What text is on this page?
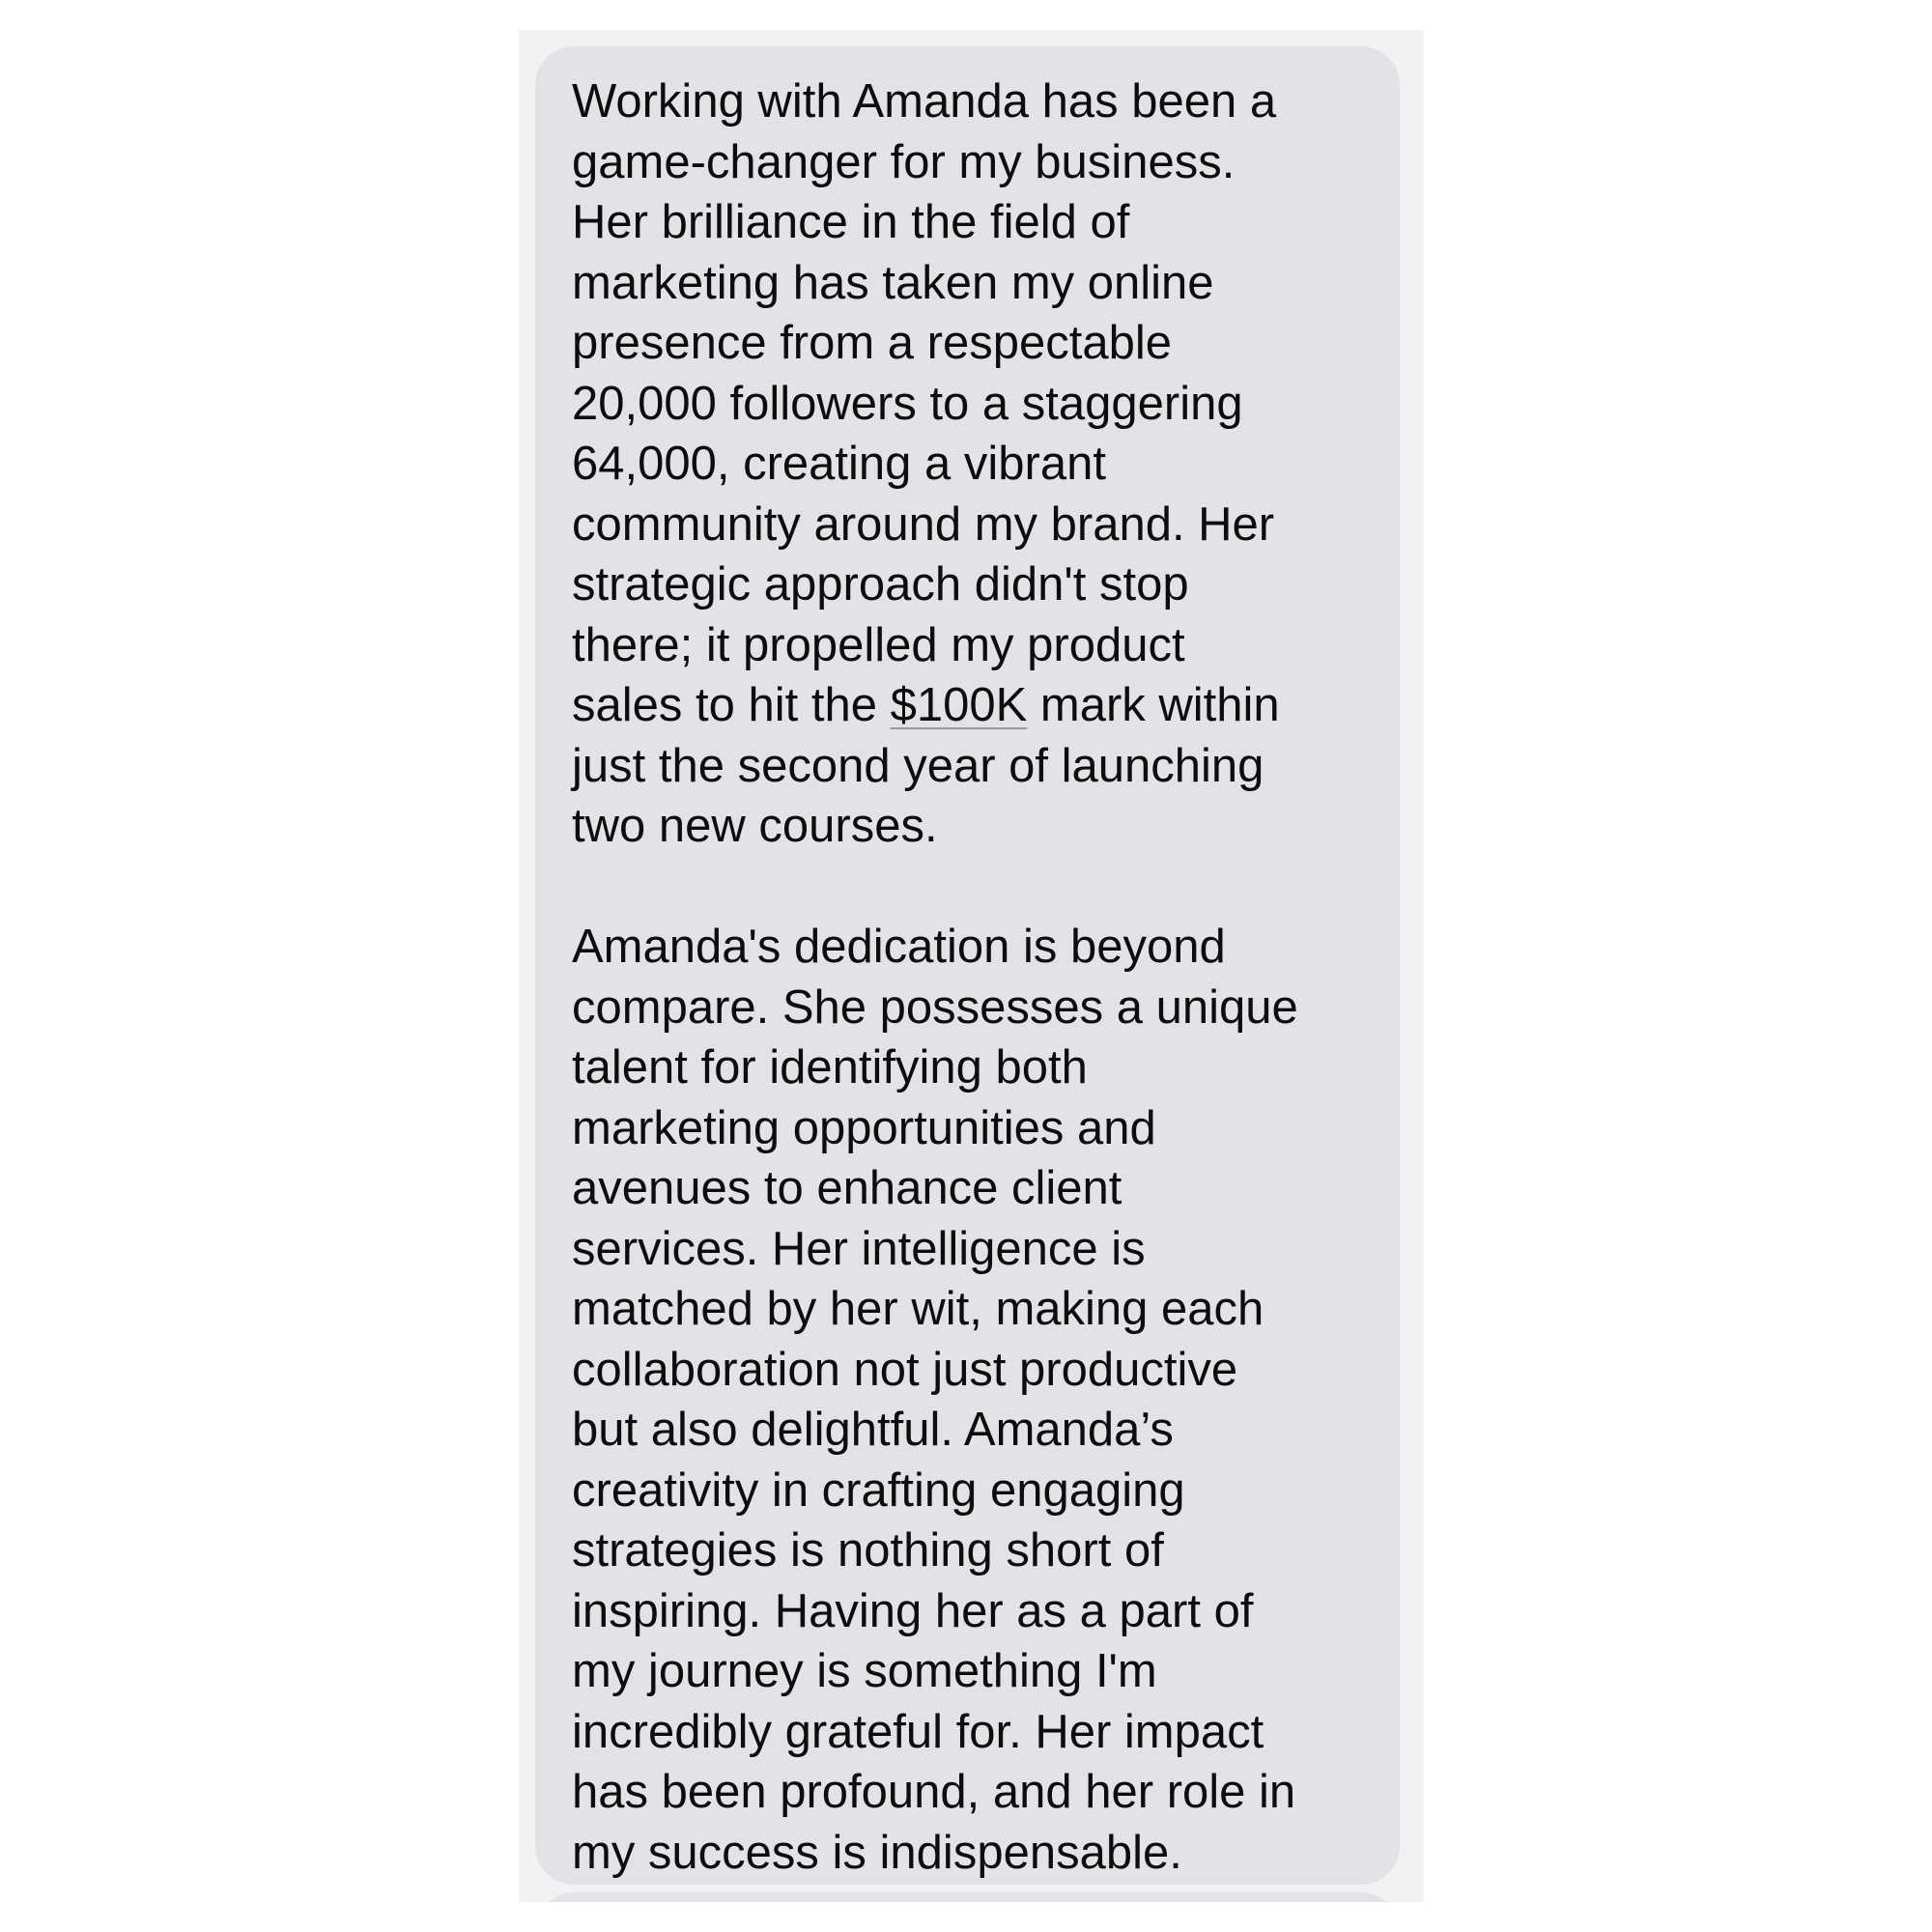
Working with Amanda has been a
game-changer for my business.
Her brilliance in the field of
marketing has taken my online
presence from a respectable
20,000 followers to a staggering
64,000, creating a vibrant
community around my brand. Her
strategic approach didn't stop
there; it propelled my product
sales to hit the $100K mark within
just the second year of launching
two new courses.
Amanda's dedication is beyond
compare. She possesses a unique
talent for identifying both
marketing opportunities and
avenues to enhance client
services. Her intelligence is
matched by her wit, making each
collaboration not just productive
but also delightful. Amanda’s
creativity in crafting engaging
strategies is nothing short of
inspiring. Having her as a part of
my journey is something I'm
incredibly grateful for. Her impact
has been profound, and her role in
my success is indispensable.
